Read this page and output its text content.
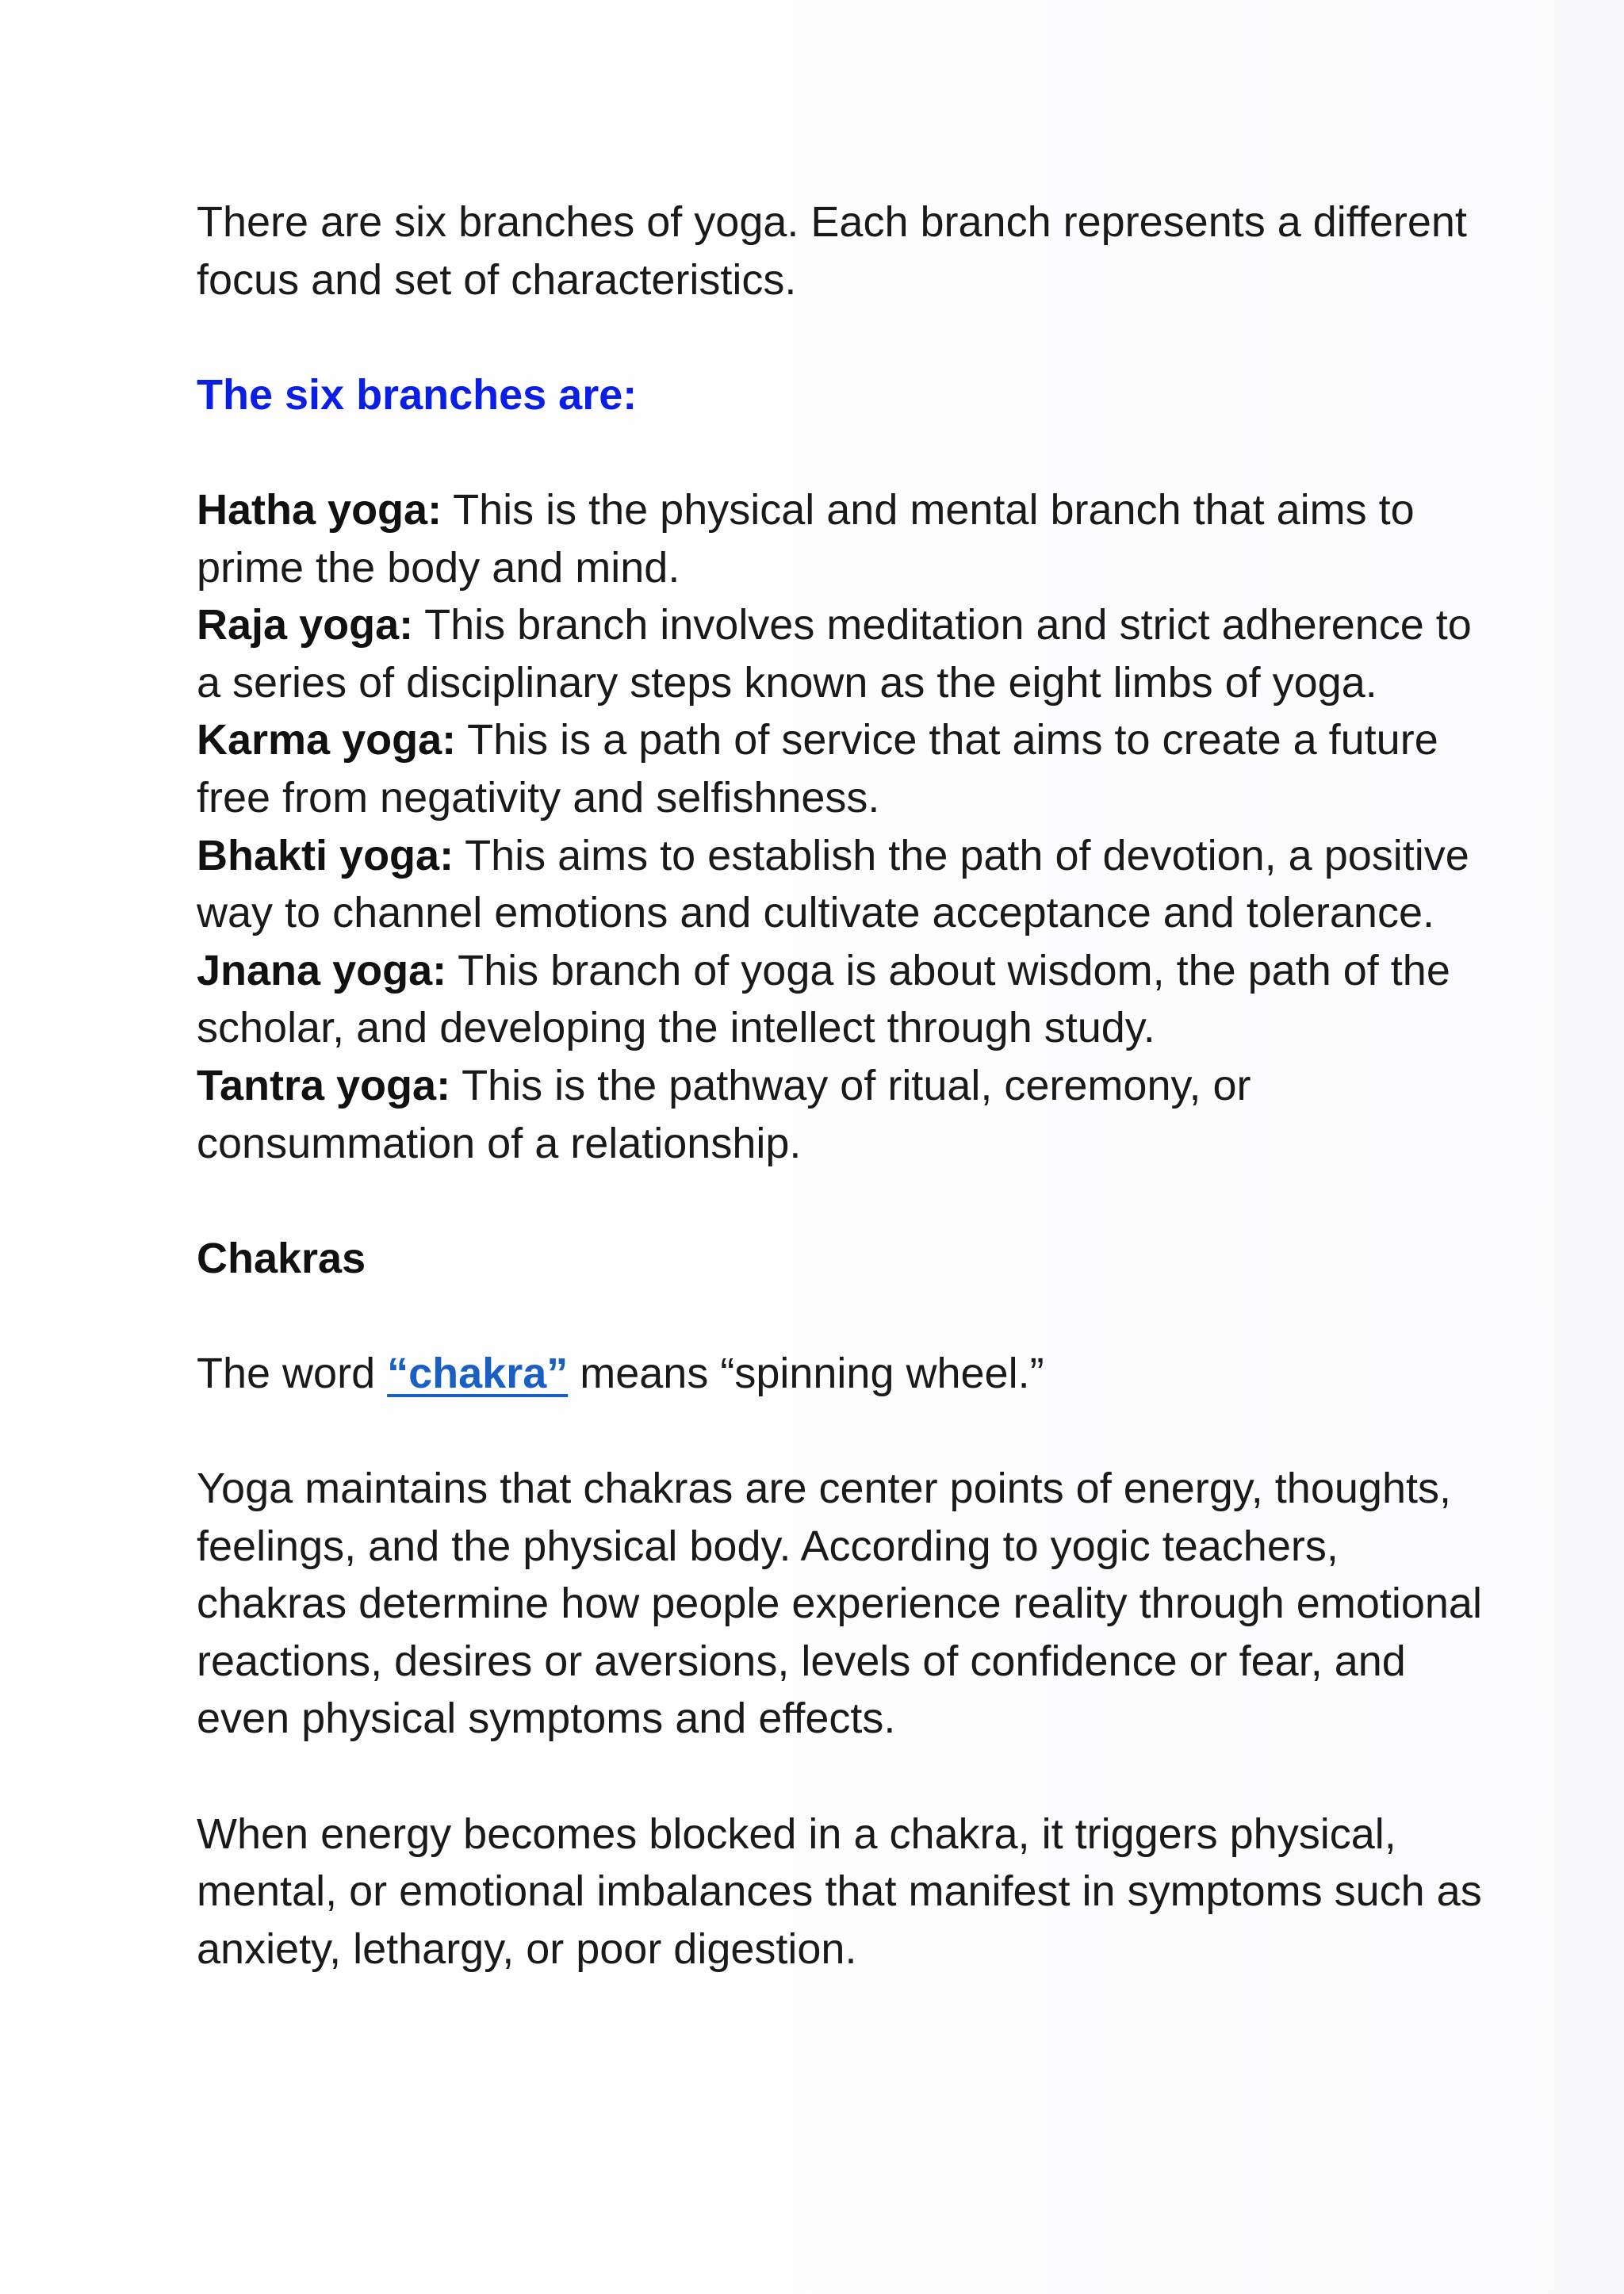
There are six branches of yoga. Each branch represents a different focus and set of characteristics.

The six branches are:

Hatha yoga: This is the physical and mental branch that aims to prime the body and mind.

Raja yoga: This branch involves meditation and strict adherence to a series of disciplinary steps known as the eight limbs of yoga.

Karma yoga: This is a path of service that aims to create a future free from negativity and selfishness.

Bhakti yoga: This aims to establish the path of devotion, a positive way to channel emotions and cultivate acceptance and tolerance.

Jnana yoga: This branch of yoga is about wisdom, the path of the scholar, and developing the intellect through study.

Tantra yoga: This is the pathway of ritual, ceremony, or consummation of a relationship.

Chakras

The word “chakra” means “spinning wheel.”

Yoga maintains that chakras are center points of energy, thoughts, feelings, and the physical body. According to yogic teachers, chakras determine how people experience reality through emotional reactions, desires or aversions, levels of confidence or fear, and even physical symptoms and effects.

When energy becomes blocked in a chakra, it triggers physical, mental, or emotional imbalances that manifest in symptoms such as anxiety, lethargy, or poor digestion.
